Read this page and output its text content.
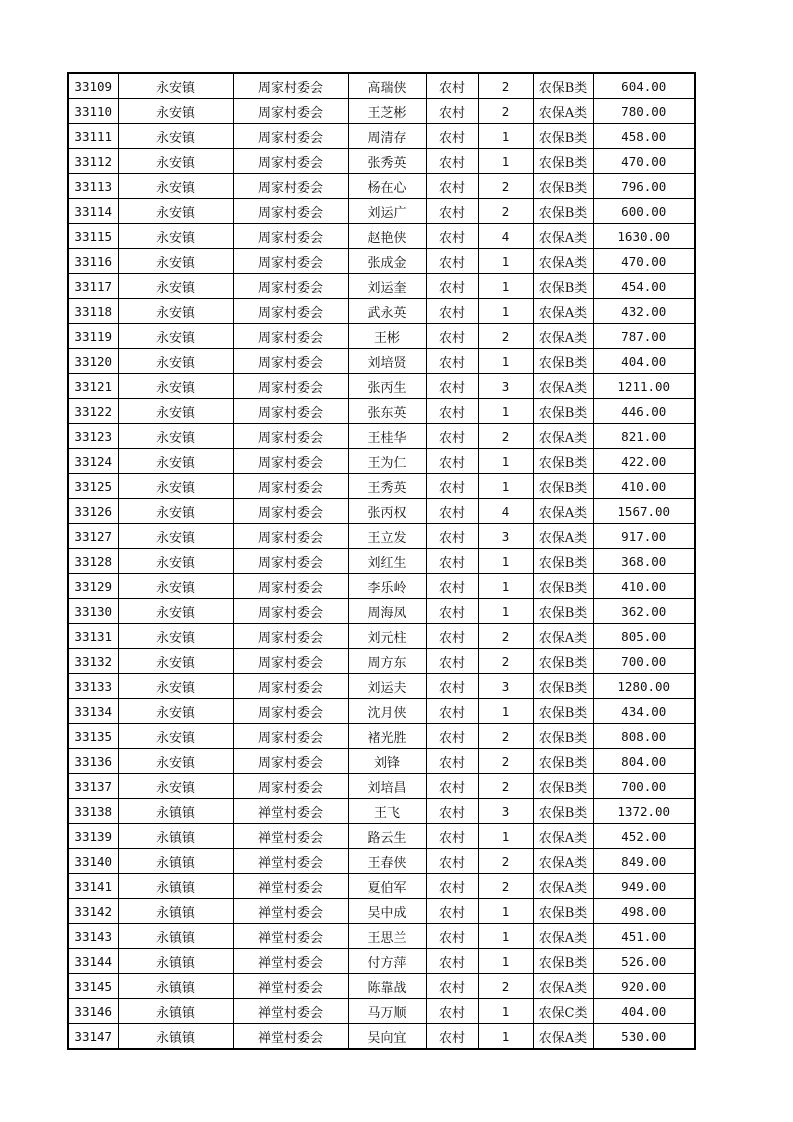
33109	永安镇	周家村委会	高瑞侠	农村	2	农保B类	604.00
33110	永安镇	周家村委会	王芝彬	农村	2	农保A类	780.00
33111	永安镇	周家村委会	周清存	农村	1	农保B类	458.00
33112	永安镇	周家村委会	张秀英	农村	1	农保B类	470.00
33113	永安镇	周家村委会	杨在心	农村	2	农保B类	796.00
33114	永安镇	周家村委会	刘运广	农村	2	农保B类	600.00
33115	永安镇	周家村委会	赵艳侠	农村	4	农保A类	1630.00
33116	永安镇	周家村委会	张成金	农村	1	农保A类	470.00
33117	永安镇	周家村委会	刘运奎	农村	1	农保B类	454.00
33118	永安镇	周家村委会	武永英	农村	1	农保A类	432.00
33119	永安镇	周家村委会	王彬	农村	2	农保A类	787.00
33120	永安镇	周家村委会	刘培贤	农村	1	农保B类	404.00
33121	永安镇	周家村委会	张丙生	农村	3	农保A类	1211.00
33122	永安镇	周家村委会	张东英	农村	1	农保B类	446.00
33123	永安镇	周家村委会	王桂华	农村	2	农保A类	821.00
33124	永安镇	周家村委会	王为仁	农村	1	农保B类	422.00
33125	永安镇	周家村委会	王秀英	农村	1	农保B类	410.00
33126	永安镇	周家村委会	张丙权	农村	4	农保A类	1567.00
33127	永安镇	周家村委会	王立发	农村	3	农保A类	917.00
33128	永安镇	周家村委会	刘红生	农村	1	农保B类	368.00
33129	永安镇	周家村委会	李乐岭	农村	1	农保B类	410.00
33130	永安镇	周家村委会	周海凤	农村	1	农保B类	362.00
33131	永安镇	周家村委会	刘元柱	农村	2	农保A类	805.00
33132	永安镇	周家村委会	周方东	农村	2	农保B类	700.00
33133	永安镇	周家村委会	刘运夫	农村	3	农保B类	1280.00
33134	永安镇	周家村委会	沈月侠	农村	1	农保B类	434.00
33135	永安镇	周家村委会	褚光胜	农村	2	农保B类	808.00
33136	永安镇	周家村委会	刘锋	农村	2	农保B类	804.00
33137	永安镇	周家村委会	刘培昌	农村	2	农保B类	700.00
33138	永镇镇	禅堂村委会	王飞	农村	3	农保B类	1372.00
33139	永镇镇	禅堂村委会	路云生	农村	1	农保A类	452.00
33140	永镇镇	禅堂村委会	王春侠	农村	2	农保A类	849.00
33141	永镇镇	禅堂村委会	夏伯军	农村	2	农保A类	949.00
33142	永镇镇	禅堂村委会	吴中成	农村	1	农保B类	498.00
33143	永镇镇	禅堂村委会	王思兰	农村	1	农保A类	451.00
33144	永镇镇	禅堂村委会	付方萍	农村	1	农保B类	526.00
33145	永镇镇	禅堂村委会	陈靠战	农村	2	农保A类	920.00
33146	永镇镇	禅堂村委会	马万顺	农村	1	农保C类	404.00
33147	永镇镇	禅堂村委会	吴向宜	农村	1	农保A类	530.00
